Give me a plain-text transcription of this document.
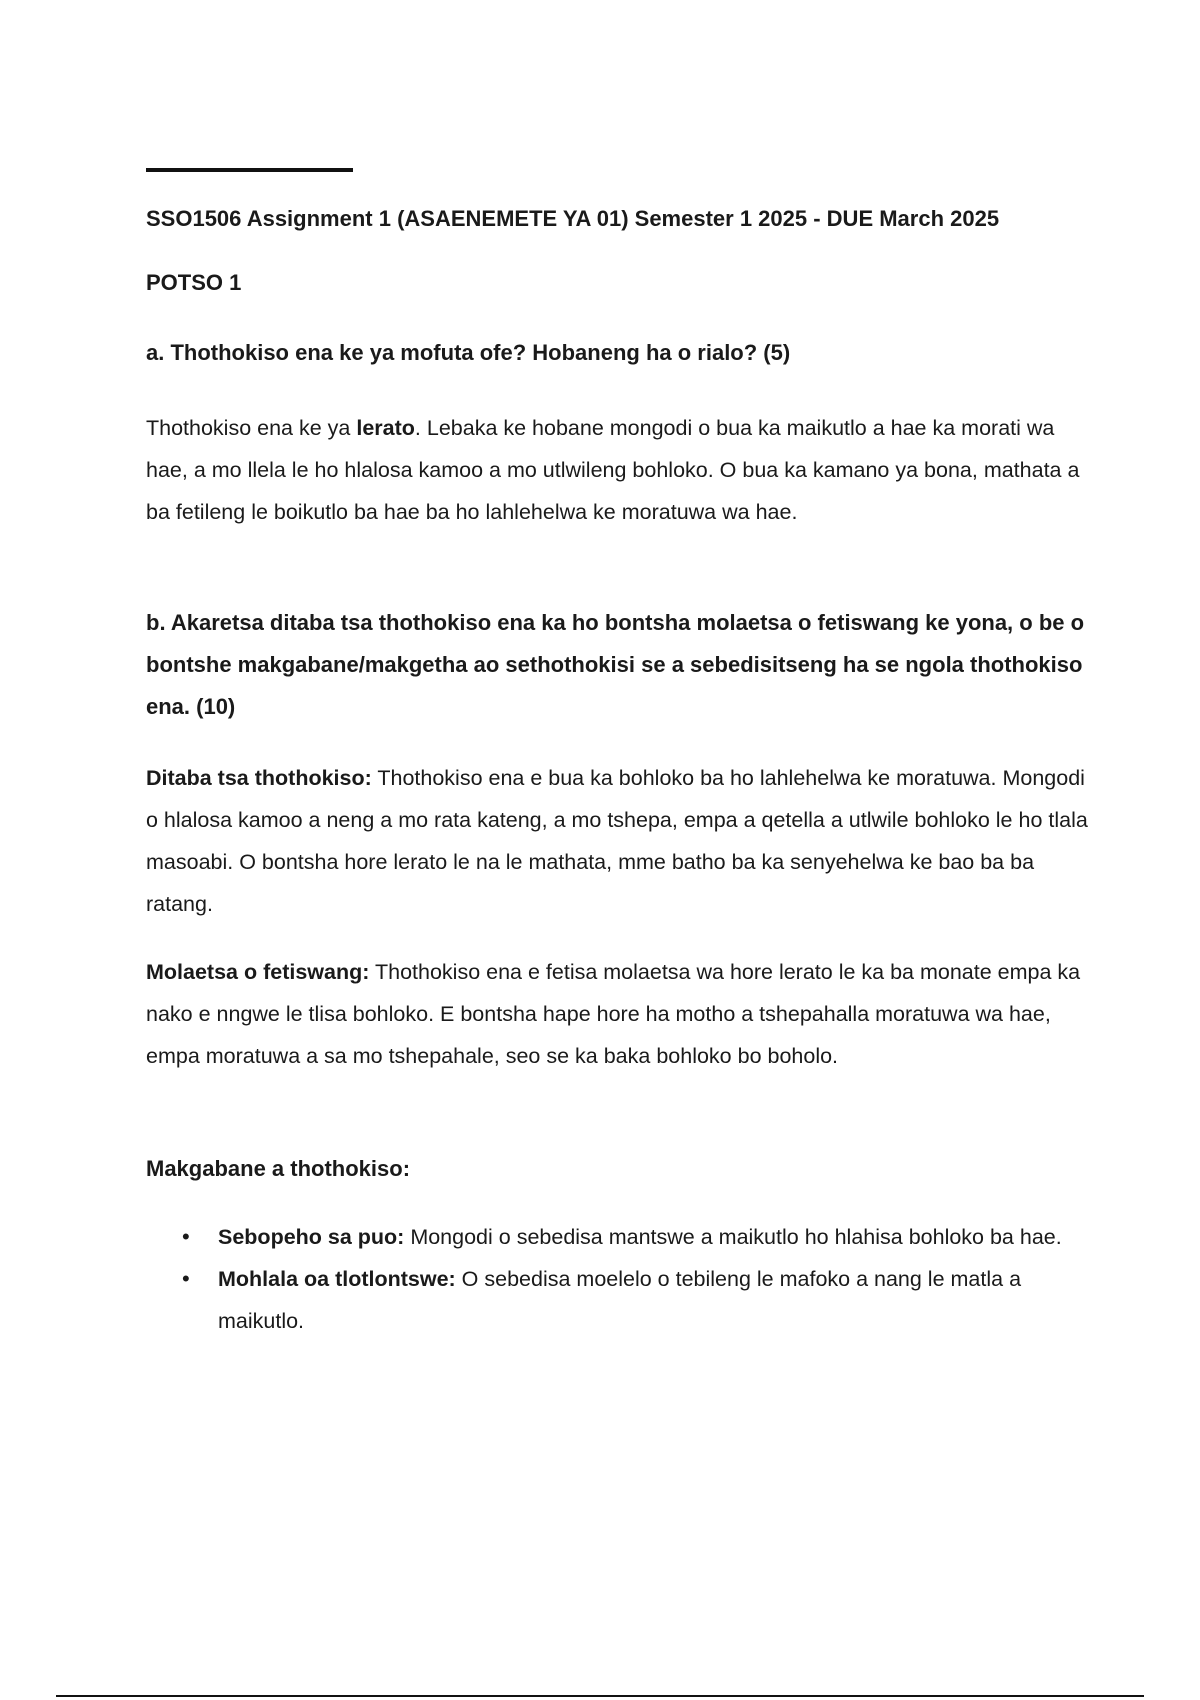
SSO1506 Assignment 1 (ASAENEMETE YA 01) Semester 1 2025 - DUE March 2025
POTSO 1
a. Thothokiso ena ke ya mofuta ofe? Hobaneng ha o rialo? (5)
Thothokiso ena ke ya lerato. Lebaka ke hobane mongodi o bua ka maikutlo a hae ka morati wa hae, a mo llela le ho hlalosa kamoo a mo utlwileng bohloko. O bua ka kamano ya bona, mathata a ba fetileng le boikutlo ba hae ba ho lahlehelwa ke moratuwa wa hae.
b. Akaretsa ditaba tsa thothokiso ena ka ho bontsha molaetsa o fetiswang ke yona, o be o bontshe makgabane/makgetha ao sethothokisi se a sebedisitseng ha se ngola thothokiso ena. (10)
Ditaba tsa thothokiso: Thothokiso ena e bua ka bohloko ba ho lahlehelwa ke moratuwa. Mongodi o hlalosa kamoo a neng a mo rata kateng, a mo tshepa, empa a qetella a utlwile bohloko le ho tlala masoabi. O bontsha hore lerato le na le mathata, mme batho ba ka senyehelwa ke bao ba ba ratang.
Molaetsa o fetiswang: Thothokiso ena e fetisa molaetsa wa hore lerato le ka ba monate empa ka nako e nngwe le tlisa bohloko. E bontsha hape hore ha motho a tshepahalla moratuwa wa hae, empa moratuwa a sa mo tshepahale, seo se ka baka bohloko bo boholo.
Makgabane a thothokiso:
• Sebopeho sa puo: Mongodi o sebedisa mantswe a maikutlo ho hlahisa bohloko ba hae.
• Mohlala oa tlotlontswe: O sebedisa moelelo o tebileng le mafoko a nang le matla a maikutlo.
